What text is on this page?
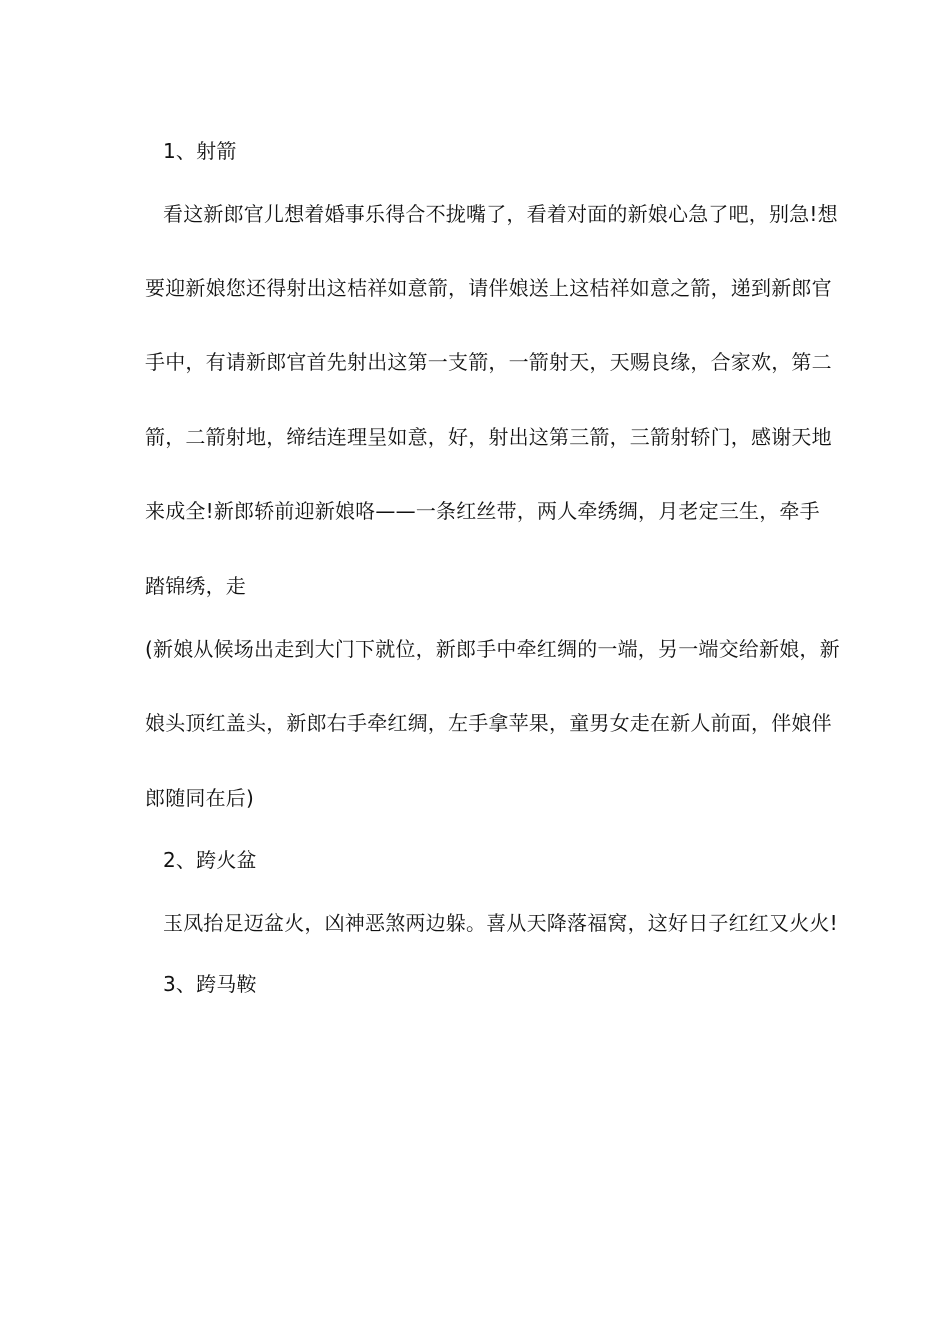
1、射箭
看这新郎官儿想着婚事乐得合不拢嘴了，看着对面的新娘心急了吧，别急!想
要迎新娘您还得射出这桔祥如意箭，请伴娘送上这桔祥如意之箭，递到新郎官
手中，有请新郎官首先射出这第一支箭，一箭射天，天赐良缘，合家欢，第二
箭，二箭射地，缔结连理呈如意，好，射出这第三箭，三箭射轿门，感谢天地
来成全!新郎轿前迎新娘咯——一条红丝带，两人牵绣绸，月老定三生，牵手
踏锦绣，走
(新娘从候场出走到大门下就位，新郎手中牵红绸的一端，另一端交给新娘，新
娘头顶红盖头，新郎右手牵红绸，左手拿苹果，童男女走在新人前面，伴娘伴
郎随同在后)
2、跨火盆
玉凤抬足迈盆火，凶神恶煞两边躲。喜从天降落福窝，这好日子红红又火火!
3、跨马鞍
